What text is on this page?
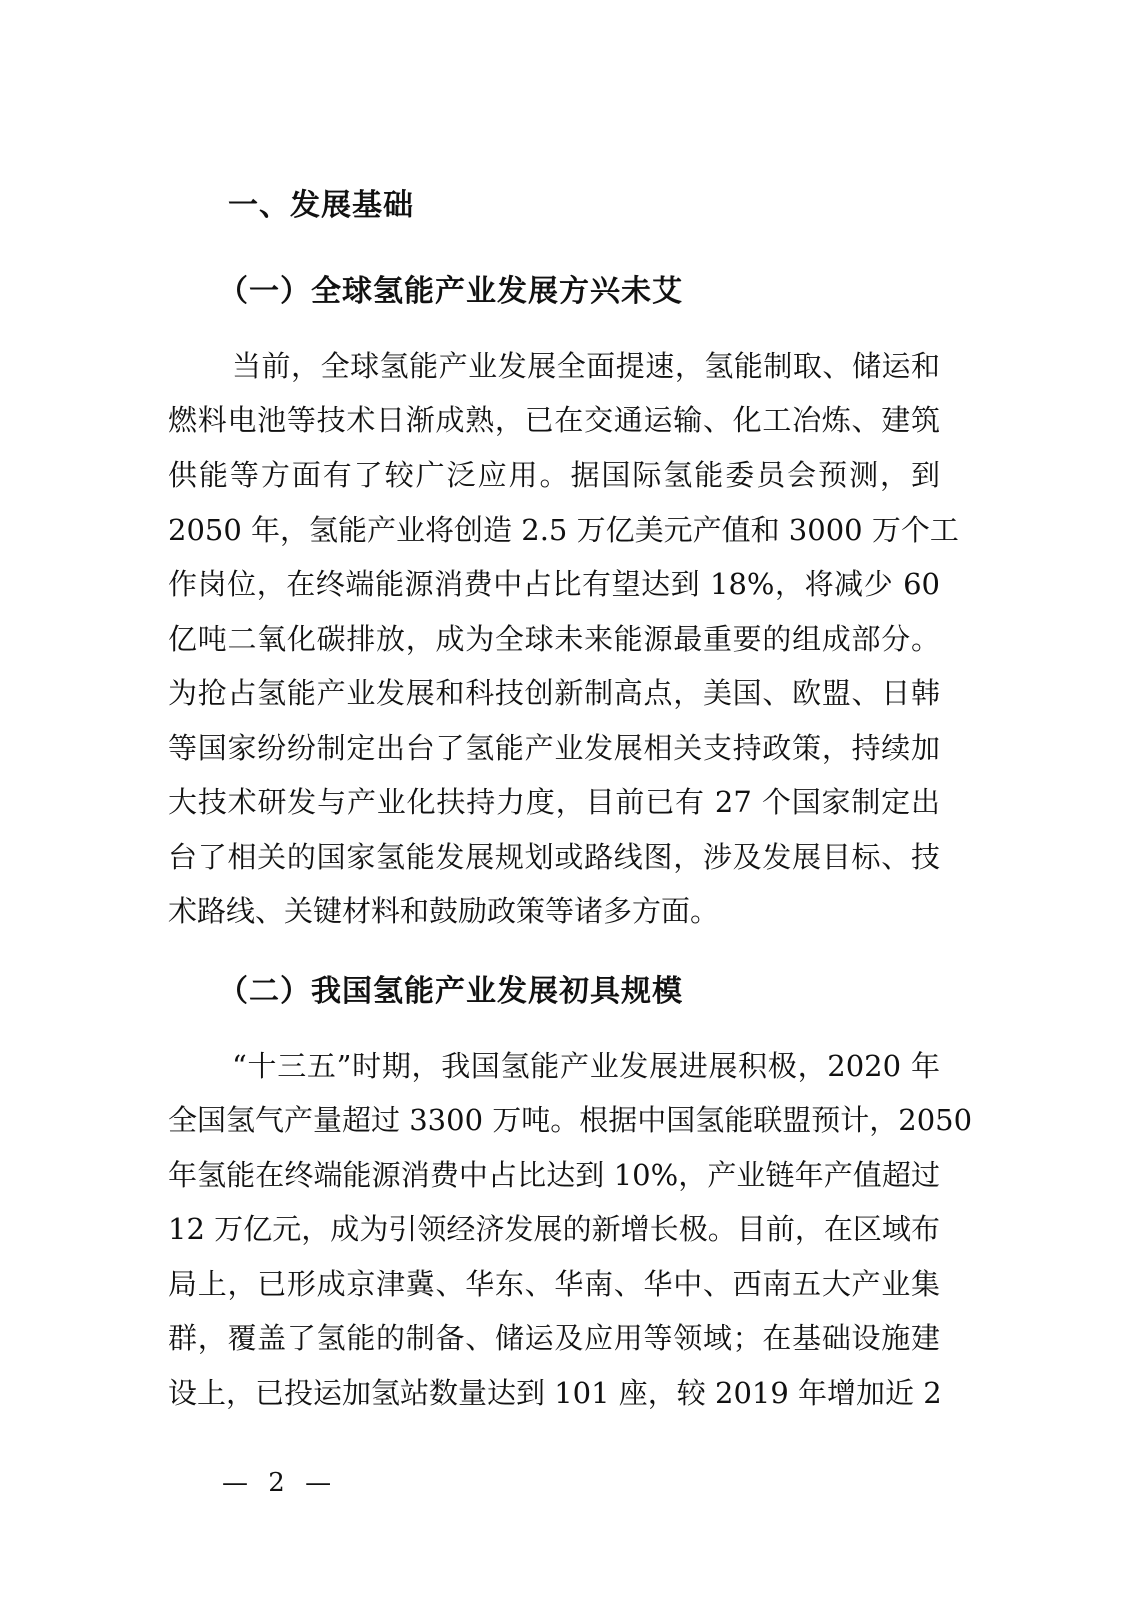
一、发展基础
（一）全球氢能产业发展方兴未艾
当前，全球氢能产业发展全面提速，氢能制取、储运和
燃料电池等技术日渐成熟，已在交通运输、化工冶炼、建筑
供能等方面有了较广泛应用。据国际氢能委员会预测，到
2050 年，氢能产业将创造 2.5 万亿美元产值和 3000 万个工
作岗位，在终端能源消费中占比有望达到 18%，将减少 60
亿吨二氧化碳排放，成为全球未来能源最重要的组成部分。
为抢占氢能产业发展和科技创新制高点，美国、欧盟、日韩
等国家纷纷制定出台了氢能产业发展相关支持政策，持续加
大技术研发与产业化扶持力度，目前已有 27 个国家制定出
台了相关的国家氢能发展规划或路线图，涉及发展目标、技
术路线、关键材料和鼓励政策等诸多方面。
（二）我国氢能产业发展初具规模
“十三五”时期，我国氢能产业发展进展积极，2020 年
全国氢气产量超过 3300 万吨。根据中国氢能联盟预计，2050
年氢能在终端能源消费中占比达到 10%，产业链年产值超过
12 万亿元，成为引领经济发展的新增长极。目前，在区域布
局上，已形成京津冀、华东、华南、华中、西南五大产业集
群，覆盖了氢能的制备、储运及应用等领域；在基础设施建
设上，已投运加氢站数量达到 101 座，较 2019 年增加近 2
— 2 —
